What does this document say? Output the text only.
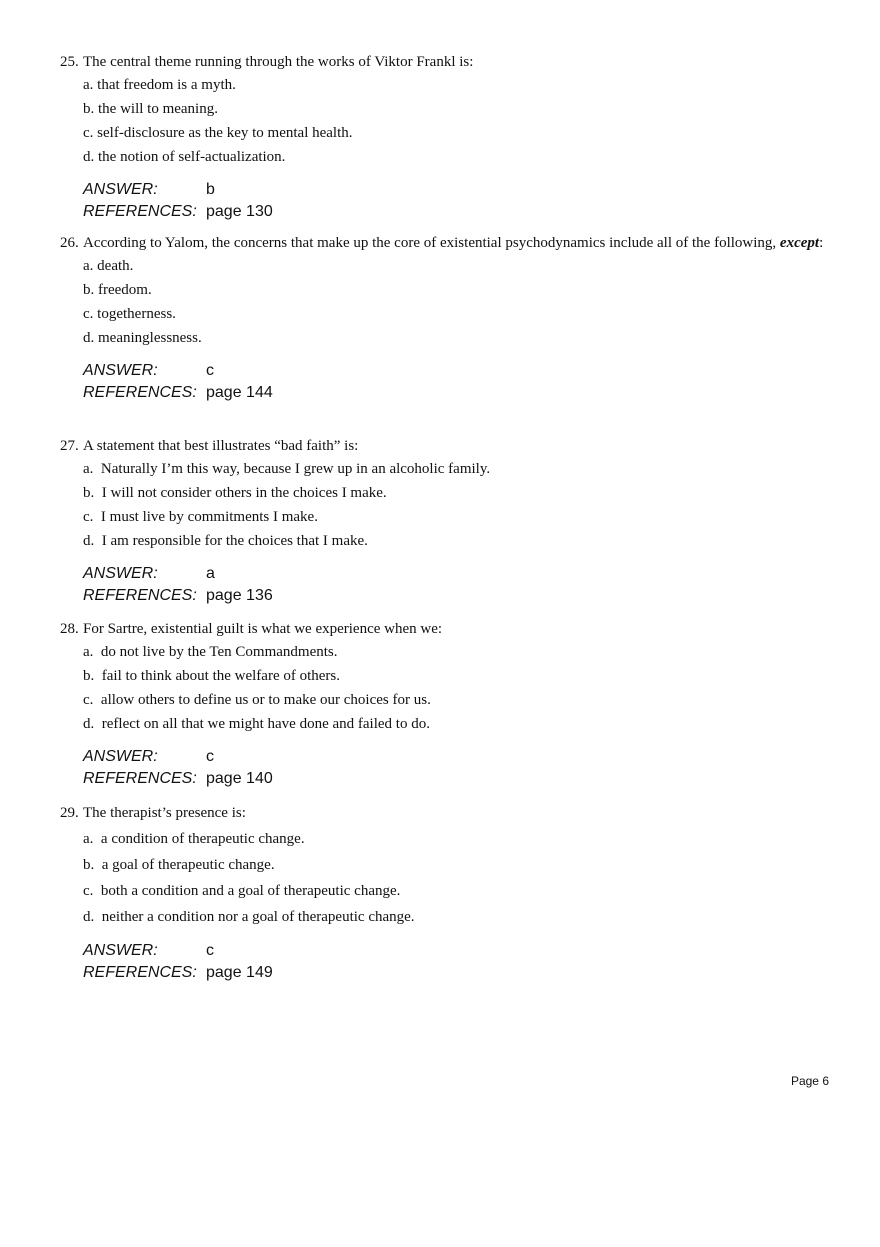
25. The central theme running through the works of Viktor Frankl is:
a. that freedom is a myth.
b. the will to meaning.
c. self-disclosure as the key to mental health.
d. the notion of self-actualization.
ANSWER:	b
REFERENCES: page 130
26. According to Yalom, the concerns that make up the core of existential psychodynamics include all of the following, except:
a. death.
b. freedom.
c. togetherness.
d. meaninglessness.
ANSWER:	c
REFERENCES: page 144
27. A statement that best illustrates “bad faith” is:
a. Naturally I’m this way, because I grew up in an alcoholic family.
b. I will not consider others in the choices I make.
c. I must live by commitments I make.
d. I am responsible for the choices that I make.
ANSWER:	a
REFERENCES: page 136
28. For Sartre, existential guilt is what we experience when we:
a. do not live by the Ten Commandments.
b. fail to think about the welfare of others.
c. allow others to define us or to make our choices for us.
d. reflect on all that we might have done and failed to do.
ANSWER:	c
REFERENCES: page 140
29. The therapist’s presence is:
a. a condition of therapeutic change.
b. a goal of therapeutic change.
c. both a condition and a goal of therapeutic change.
d. neither a condition nor a goal of therapeutic change.
ANSWER:	c
REFERENCES: page 149
Page 6
